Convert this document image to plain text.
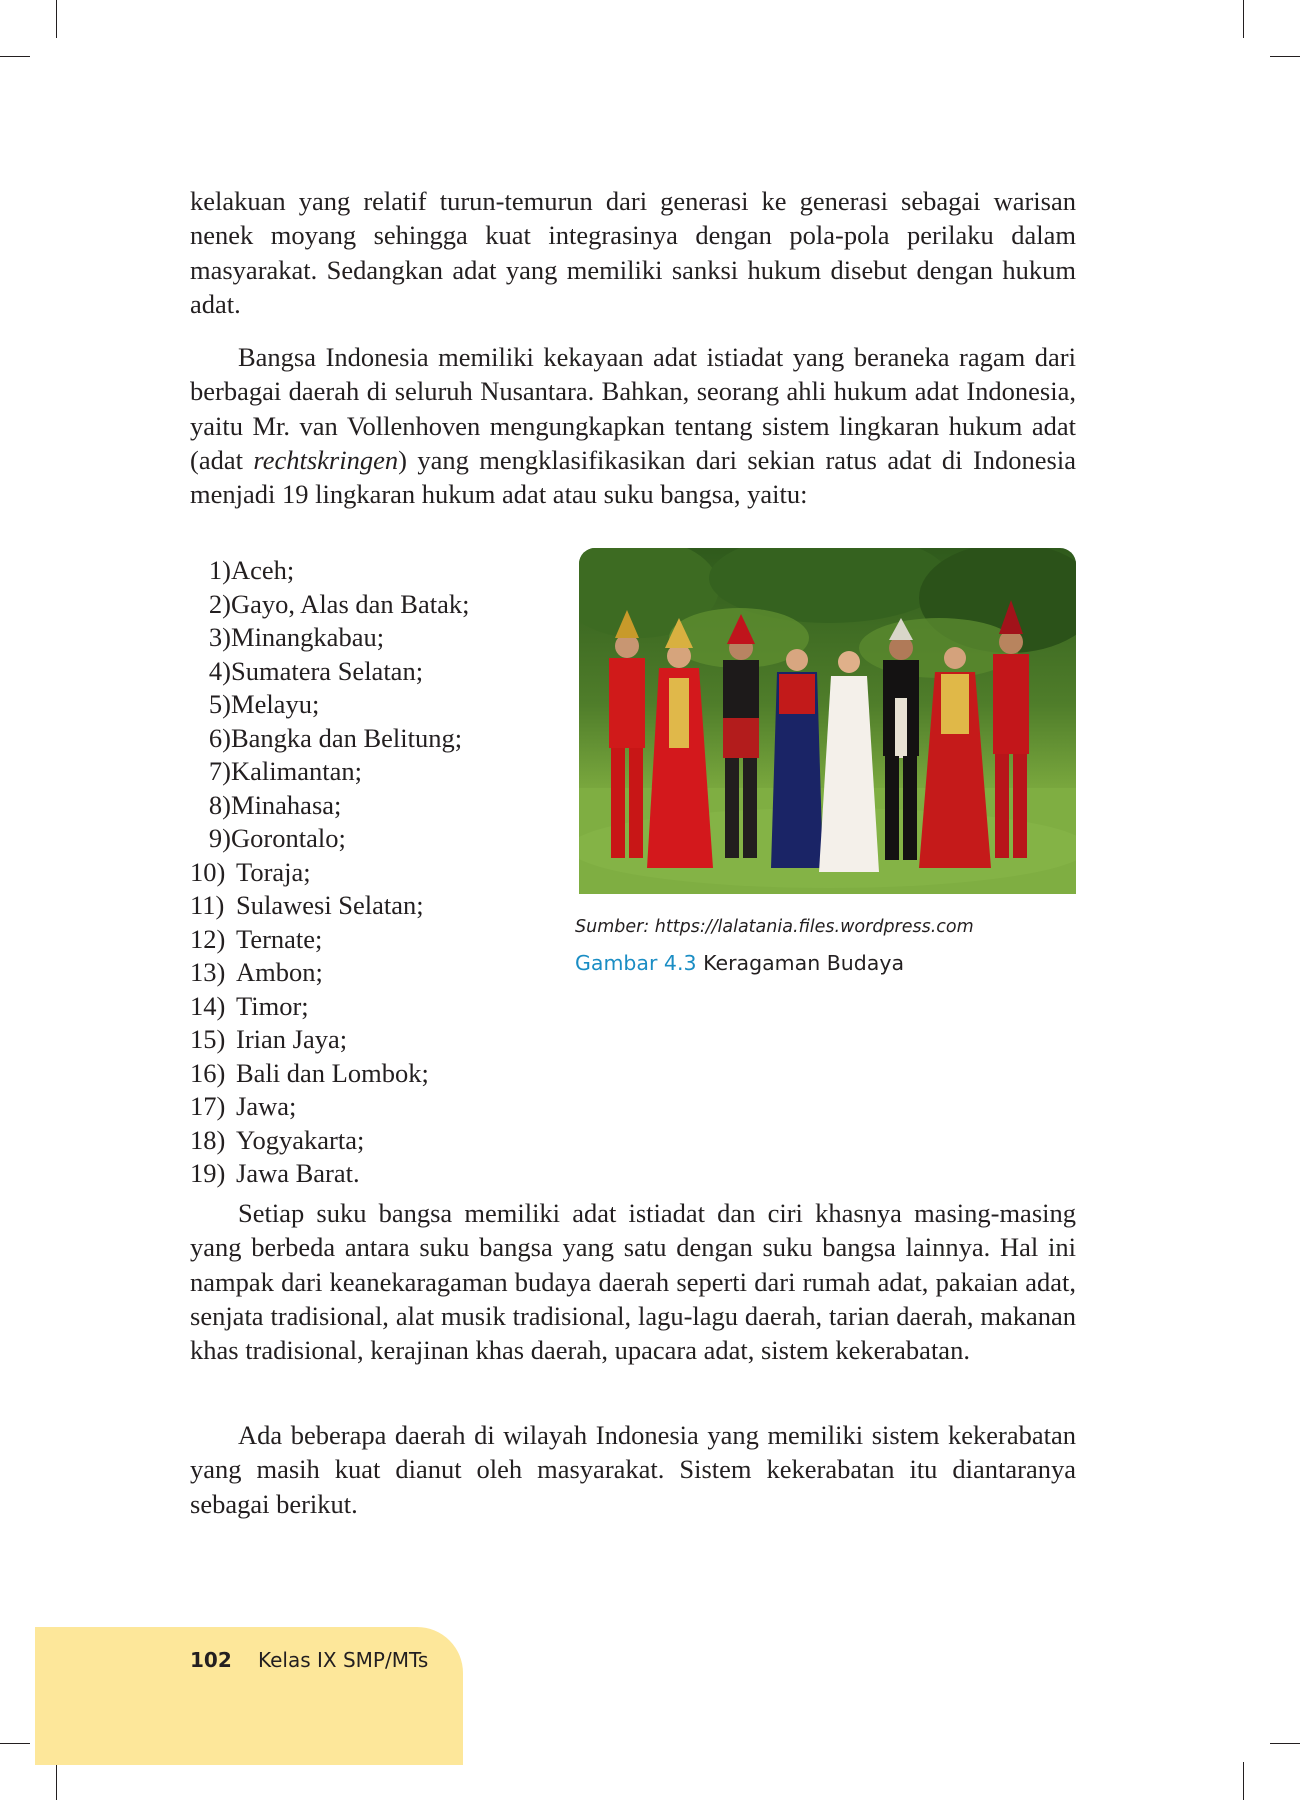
kelakuan yang relatif turun-temurun dari generasi ke generasi sebagai warisan nenek moyang sehingga kuat integrasinya dengan pola-pola perilaku dalam masyarakat. Sedangkan adat yang memiliki sanksi hukum disebut dengan hukum adat.

Bangsa Indonesia memiliki kekayaan adat istiadat yang beraneka ragam dari berbagai daerah di seluruh Nusantara. Bahkan, seorang ahli hukum adat Indonesia, yaitu Mr. van Vollenhoven mengungkapkan tentang sistem lingkaran hukum adat (adat rechtskringen) yang mengklasifikasikan dari sekian ratus adat di Indonesia menjadi 19 lingkaran hukum adat atau suku bangsa, yaitu:

1) Aceh;
2) Gayo, Alas dan Batak;
3) Minangkabau;
4) Sumatera Selatan;
5) Melayu;
6) Bangka dan Belitung;
7) Kalimantan;
8) Minahasa;
9) Gorontalo;
10) Toraja;
11) Sulawesi Selatan;
12) Ternate;
13) Ambon;
14) Timor;
15) Irian Jaya;
16) Bali dan Lombok;
17) Jawa;
18) Yogyakarta;
19) Jawa Barat.
Sumber: https://lalatania.files.wordpress.com
Gambar 4.3 Keragaman Budaya

Setiap suku bangsa memiliki adat istiadat dan ciri khasnya masing-masing yang berbeda antara suku bangsa yang satu dengan suku bangsa lainnya. Hal ini nampak dari keanekaragaman budaya daerah seperti dari rumah adat, pakaian adat, senjata tradisional, alat musik tradisional, lagu-lagu daerah, tarian daerah, makanan khas tradisional, kerajinan khas daerah, upacara adat, sistem kekerabatan.

Ada beberapa daerah di wilayah Indonesia yang memiliki sistem kekerabatan yang masih kuat dianut oleh masyarakat. Sistem kekerabatan itu diantaranya sebagai berikut.

102 Kelas IX SMP/MTs
